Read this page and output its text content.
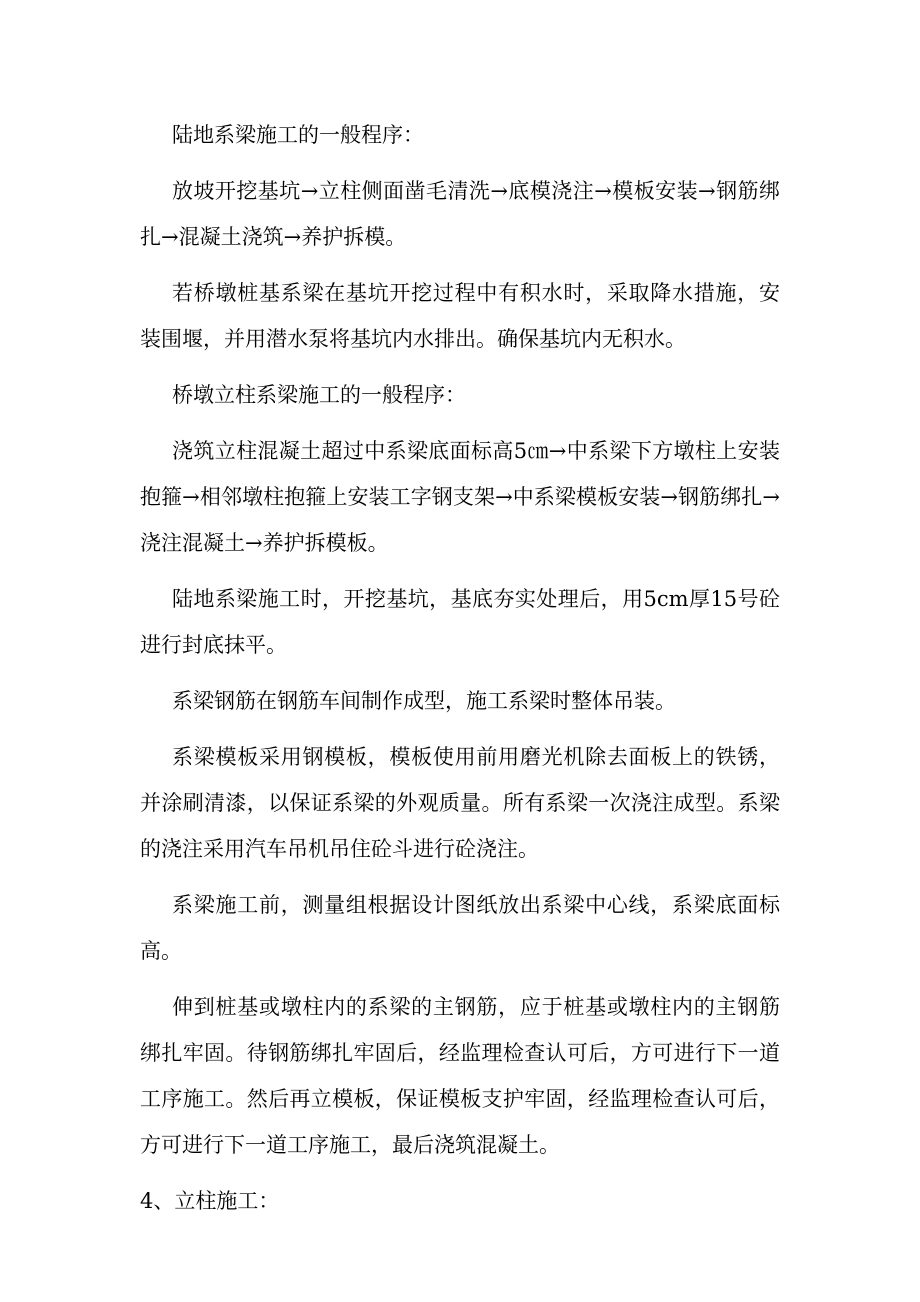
陆地系梁施工的一般程序：

放坡开挖基坑→立柱侧面凿毛清洗→底模浇注→模板安装→钢筋绑扎→混凝土浇筑→养护拆模。

若桥墩桩基系梁在基坑开挖过程中有积水时，采取降水措施，安装围堰，并用潜水泵将基坑内水排出。确保基坑内无积水。

桥墩立柱系梁施工的一般程序：

浇筑立柱混凝土超过中系梁底面标高5㎝→中系梁下方墩柱上安装抱箍→相邻墩柱抱箍上安装工字钢支架→中系梁模板安装→钢筋绑扎→浇注混凝土→养护拆模板。

陆地系梁施工时，开挖基坑，基底夯实处理后，用5cm厚15号砼进行封底抹平。

系梁钢筋在钢筋车间制作成型，施工系梁时整体吊装。

系梁模板采用钢模板，模板使用前用磨光机除去面板上的铁锈，并涂刷清漆，以保证系梁的外观质量。所有系梁一次浇注成型。系梁的浇注采用汽车吊机吊住砼斗进行砼浇注。

系梁施工前，测量组根据设计图纸放出系梁中心线，系梁底面标高。

伸到桩基或墩柱内的系梁的主钢筋，应于桩基或墩柱内的主钢筋绑扎牢固。待钢筋绑扎牢固后，经监理检查认可后，方可进行下一道工序施工。然后再立模板，保证模板支护牢固，经监理检查认可后，方可进行下一道工序施工，最后浇筑混凝土。

4、立柱施工：
